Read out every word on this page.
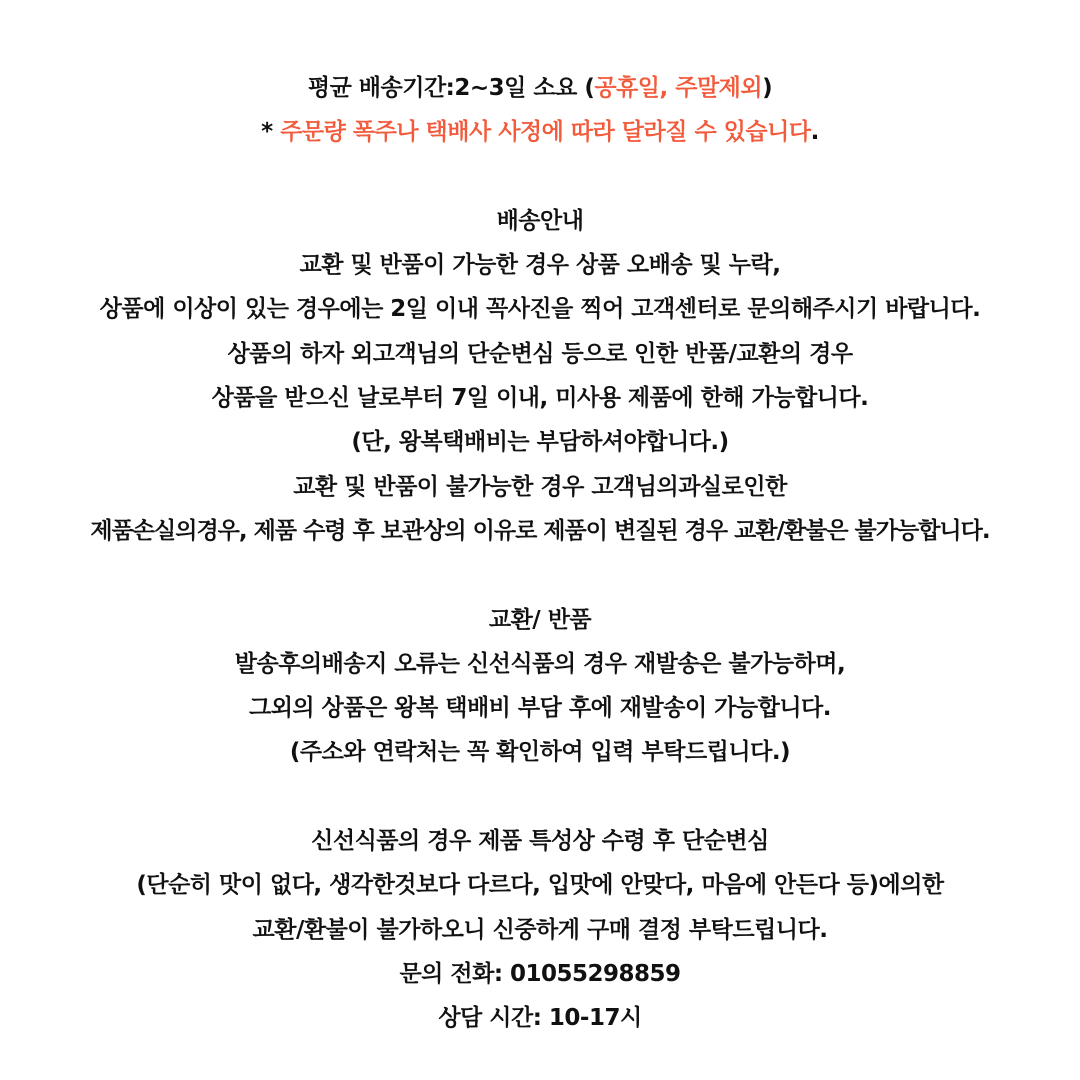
평균 배송기간:2~3일 소요 (공휴일, 주말제외)
* 주문량 폭주나 택배사 사정에 따라 달라질 수 있습니다.
배송안내
교환 및 반품이 가능한 경우 상품 오배송 및 누락,
상품에 이상이 있는 경우에는 2일 이내 꼭사진을 찍어 고객센터로 문의해주시기 바랍니다.
상품의 하자 외고객님의 단순변심 등으로 인한 반품/교환의 경우
상품을 받으신 날로부터 7일 이내, 미사용 제품에 한해 가능합니다.
(단, 왕복택배비는 부담하셔야합니다.)
교환 및 반품이 불가능한 경우 고객님의과실로인한
제품손실의경우, 제품 수령 후 보관상의 이유로 제품이 변질된 경우 교환/환불은 불가능합니다.
교환/ 반품
발송후의배송지 오류는 신선식품의 경우 재발송은 불가능하며,
그외의 상품은 왕복 택배비 부담 후에 재발송이 가능합니다.
(주소와 연락처는 꼭 확인하여 입력 부탁드립니다.)
신선식품의 경우 제품 특성상 수령 후 단순변심
(단순히 맛이 없다, 생각한것보다 다르다, 입맛에 안맞다, 마음에 안든다 등)에의한
교환/환불이 불가하오니 신중하게 구매 결정 부탁드립니다.
문의 전화: 01055298859
상담 시간: 10-17시
